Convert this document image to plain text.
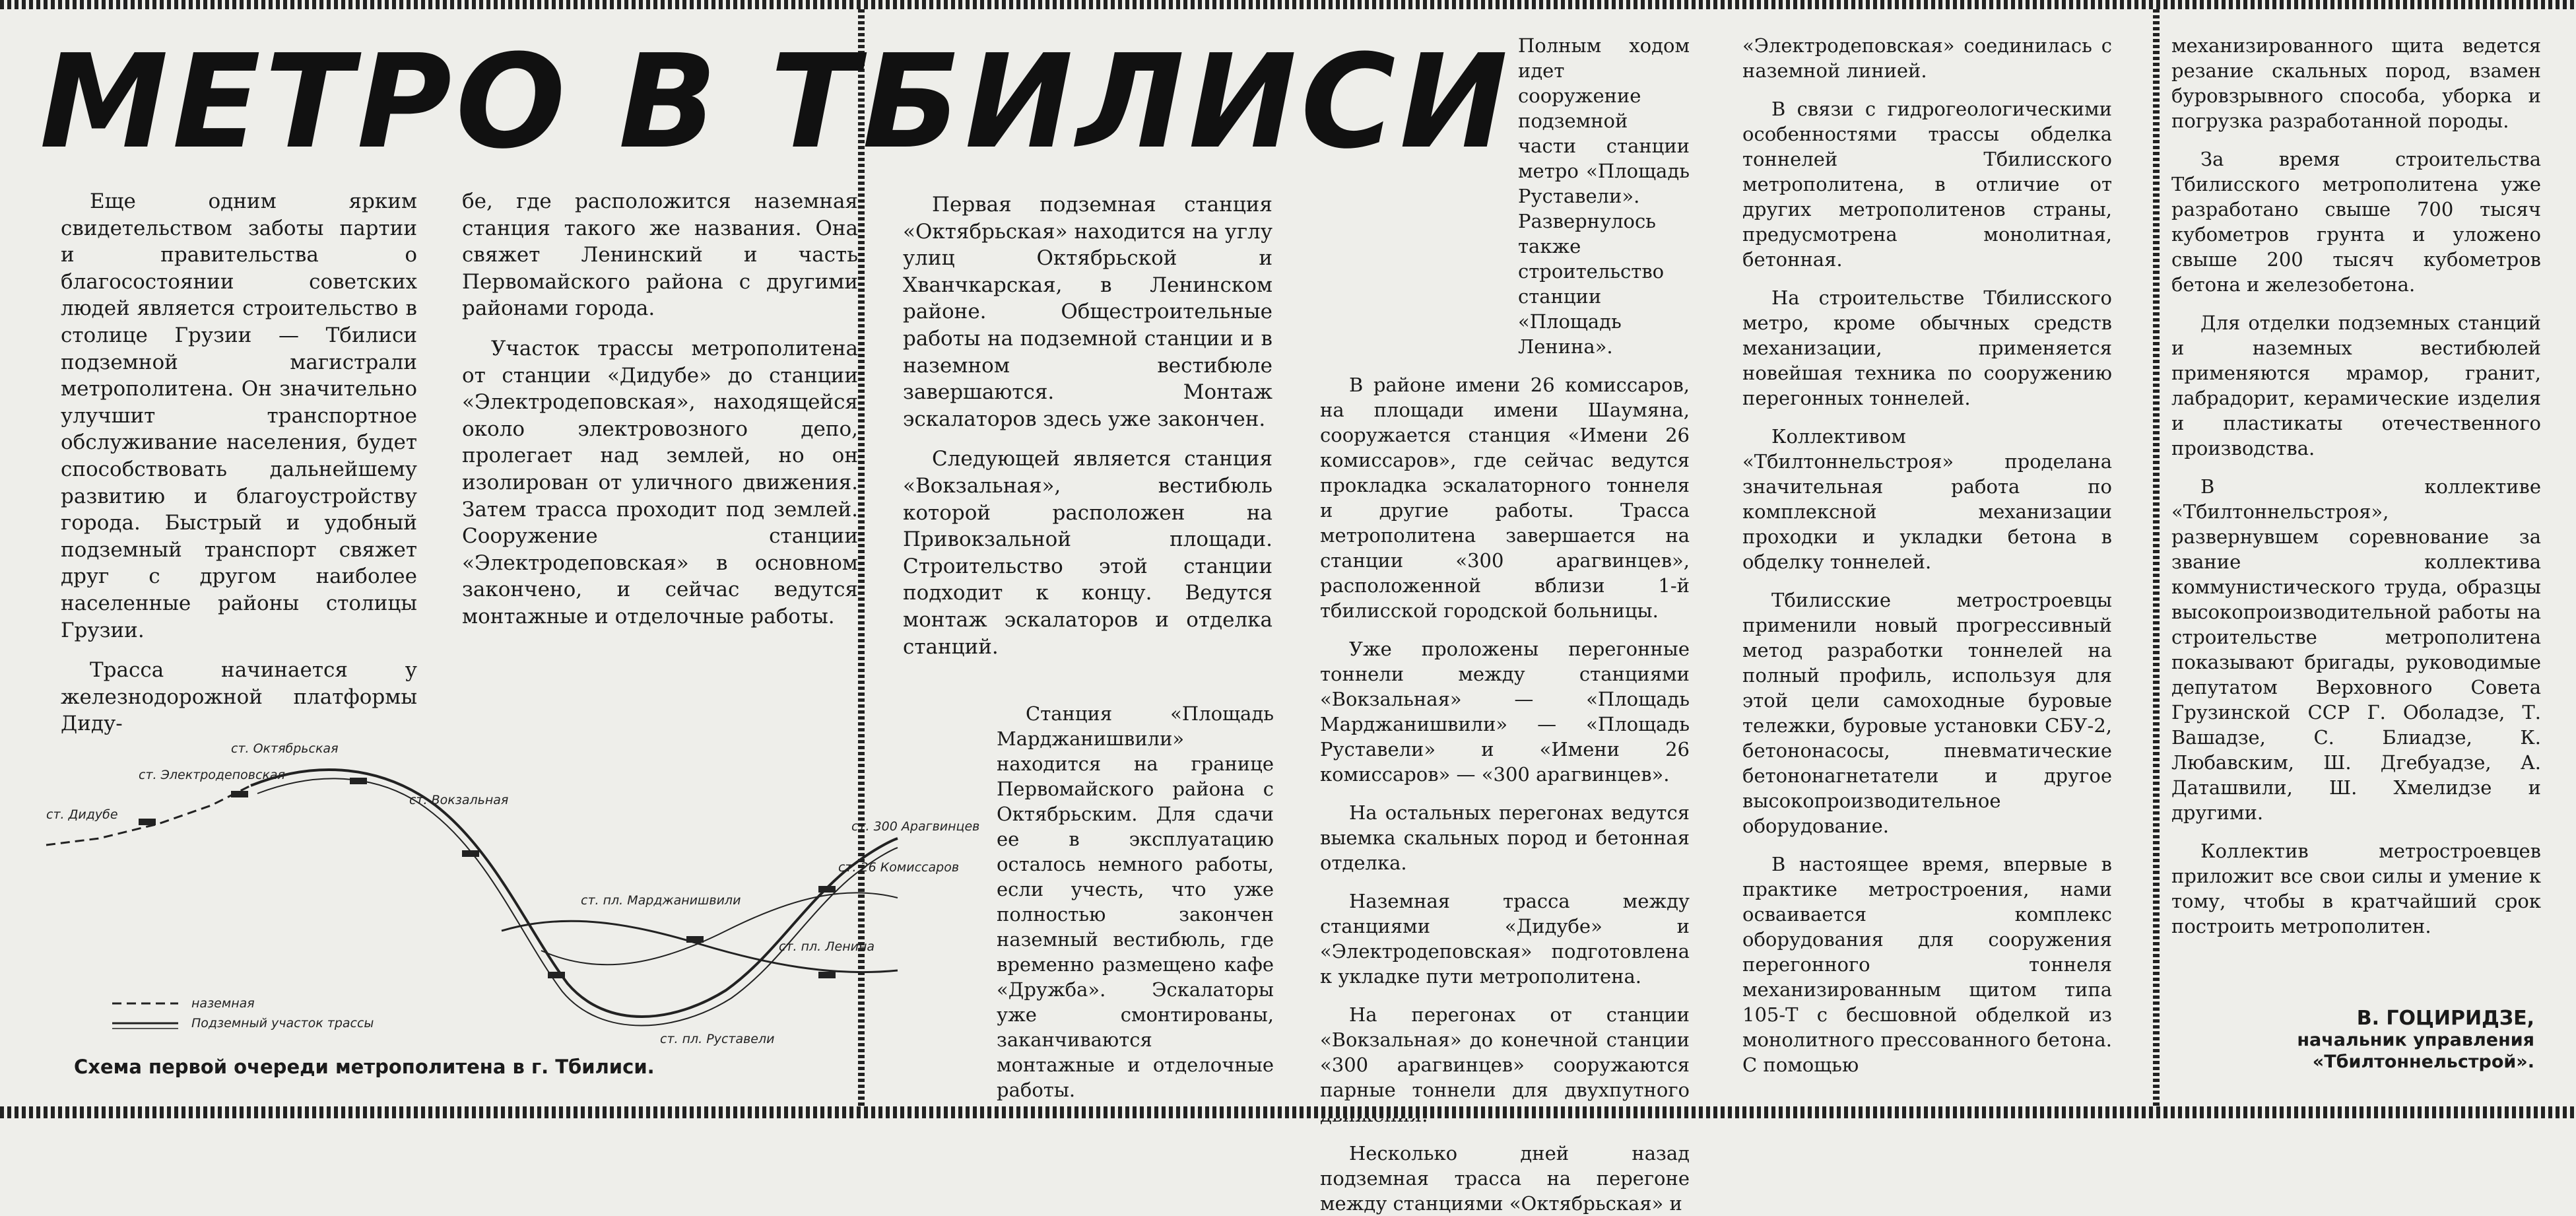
МЕТРО В ТБИЛИСИ

Еще одним ярким свидетельством заботы партии и правительства о благосостоянии советских людей является строительство в столице Грузии — Тбилиси подземной магистрали метрополитена. Он значительно улучшит транспортное обслуживание населения, будет способствовать дальнейшему развитию и благоустройству города. Быстрый и удобный подземный транспорт свяжет друг с другом наиболее населенные районы столицы Грузии.

Трасса начинается у железнодорожной платформы Диду-

бе, где расположится наземная станция такого же названия. Она свяжет Ленинский и часть Первомайского района с другими районами города.

Участок трассы метрополитена от станции «Дидубе» до станции «Электродеповская», находящейся около электровозного депо, пролегает над землей, но он изолирован от уличного движения. Затем трасса проходит под землей. Сооружение станции «Электродеповская» в основном закончено, и сейчас ведутся монтажные и отделочные работы.

Первая подземная станция «Октябрьская» находится на углу улиц Октябрьской и Хванчкарская, в Ленинском районе. Общестроительные работы на подземной станции и в наземном вестибюле завершаются. Монтаж эскалаторов здесь уже закончен.

Следующей является станция «Вокзальная», вестибюль которой расположен на Привокзальной площади. Строительство этой станции подходит к концу. Ведутся монтаж эскалаторов и отделка станций.

Станция «Площадь Марджанишвили» находится на границе Первомайского района с Октябрьским. Для сдачи ее в эксплуатацию осталось немного работы, если учесть, что уже полностью закончен наземный вестибюль, где временно размещено кафе «Дружба». Эскалаторы уже смонтированы, заканчиваются монтажные и отделочные работы.

Полным ходом идет сооружение подземной части станции метро «Площадь Руставели». Развернулось также строительство станции «Площадь Ленина».

В районе имени 26 комиссаров, на площади имени Шаумяна, сооружается станция «Имени 26 комиссаров», где сейчас ведутся прокладка эскалаторного тоннеля и другие работы. Трасса метрополитена завершается на станции «300 арагвинцев», расположенной вблизи 1-й тбилисской городской больницы.

Уже проложены перегонные тоннели между станциями «Вокзальная» — «Площадь Марджанишвили» — «Площадь Руставели» и «Имени 26 комиссаров» — «300 арагвинцев».

На остальных перегонах ведутся выемка скальных пород и бетонная отделка.

Наземная трасса между станциями «Дидубе» и «Электродеповская» подготовлена к укладке пути метрополитена.

На перегонах от станции «Вокзальная» до конечной станции «300 арагвинцев» сооружаются парные тоннели для двухпутного

Несколько дней назад подземная трасса на перегоне между станциями «Октябрьская» и

«Электродеповская» соединилась с наземной линией.

В связи с гидрогеологическими особенностями трассы обделка тоннелей Тбилисского метрополитена, в отличие от других метрополитенов страны, предусмотрена монолитная, бетонная.

На строительстве Тбилисского метро, кроме обычных средств механизации, применяется новейшая техника по сооружению перегонных тоннелей.

Коллективом «Тбилтоннельстроя» проделана значительная работа по комплексной механизации проходки и укладки бетона в обделку тоннелей.

Тбилисские метростроевцы применили новый прогрессивный метод разработки тоннелей на полный профиль, используя для этой цели самоходные буровые тележки, буровые установки СБУ-2, бетононасосы, пневматические бетононагнетатели и другое высокопроизводительное оборудование.

В настоящее время, впервые в практике метростроения, нами осваивается комплекс оборудования для сооружения перегонного тоннеля механизированным щитом типа 105-Т с бесшовной обделкой из монолитного прессованного бетона. С помощью

механизированного щита ведется резание скальных пород, взамен буровзрывного способа, уборка и погрузка разработанной породы.

За время строительства Тбилисского метрополитена уже разработано свыше 700 тысяч кубометров грунта и уложено свыше 200 тысяч кубометров бетона и железобетона.

Для отделки подземных станций и наземных вестибюлей применяются мрамор, гранит, лабрадорит, керамические изделия и пластикаты отечественного производства.

В коллективе «Тбилтоннельстроя», развернувшем соревнование за звание коллектива коммунистического труда, образцы высокопроизводительной работы на строительстве метрополитена показывают бригады, руководимые депутатом Верховного Совета Грузинской ССР Г. Оболадзе, Т. Вашадзе, С. Блиадзе, К. Любавским, Ш. Дгебуадзе, А. Даташвили, Ш. Хмелидзе и другими.

Коллектив метростроевцев приложит все свои силы и умение к тому, чтобы в кратчайший срок построить метрополитен.

ст. Октябрьская
ст. Электродеповская
ст. Дидубе
ст. Вокзальная
ст. 300 Арагвинцев
ст. 26 Комиссаров
ст. пл. Марджанишвили
ст. пл. Ленина
ст. пл. Руставели
наземная
Подземный участок трассы
Схема первой очереди метрополитена в г. Тбилиси.
В. ГОЦИРИДЗЕ,
начальник управления «Тбилтоннельстрой».
